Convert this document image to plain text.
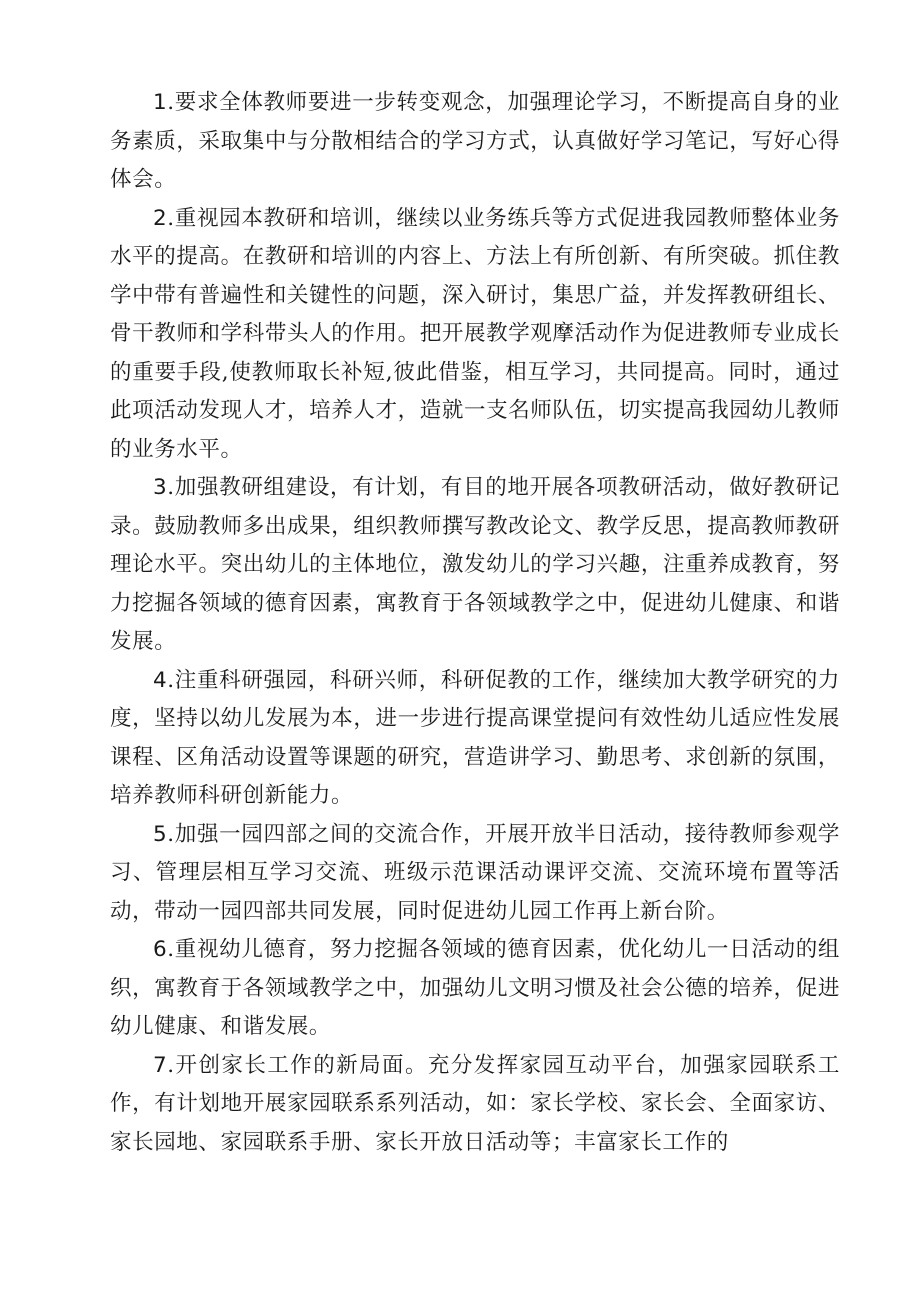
1.要求全体教师要进一步转变观念，加强理论学习，不断提高自身的业务素质，采取集中与分散相结合的学习方式，认真做好学习笔记，写好心得体会。

2.重视园本教研和培训，继续以业务练兵等方式促进我园教师整体业务水平的提高。在教研和培训的内容上、方法上有所创新、有所突破。抓住教学中带有普遍性和关键性的问题，深入研讨，集思广益，并发挥教研组长、骨干教师和学科带头人的作用。把开展教学观摩活动作为促进教师专业成长的重要手段,使教师取长补短,彼此借鉴，相互学习，共同提高。同时，通过此项活动发现人才，培养人才，造就一支名师队伍，切实提高我园幼儿教师的业务水平。

3.加强教研组建设，有计划，有目的地开展各项教研活动，做好教研记录。鼓励教师多出成果，组织教师撰写教改论文、教学反思，提高教师教研理论水平。突出幼儿的主体地位，激发幼儿的学习兴趣，注重养成教育，努力挖掘各领域的德育因素，寓教育于各领域教学之中，促进幼儿健康、和谐发展。

4.注重科研强园，科研兴师，科研促教的工作，继续加大教学研究的力度，坚持以幼儿发展为本，进一步进行提高课堂提问有效性幼儿适应性发展课程、区角活动设置等课题的研究，营造讲学习、勤思考、求创新的氛围，培养教师科研创新能力。

5.加强一园四部之间的交流合作，开展开放半日活动，接待教师参观学习、管理层相互学习交流、班级示范课活动课评交流、交流环境布置等活动，带动一园四部共同发展，同时促进幼儿园工作再上新台阶。

6.重视幼儿德育，努力挖掘各领域的德育因素，优化幼儿一日活动的组织，寓教育于各领域教学之中，加强幼儿文明习惯及社会公德的培养，促进幼儿健康、和谐发展。

7.开创家长工作的新局面。充分发挥家园互动平台，加强家园联系工作，有计划地开展家园联系系列活动，如：家长学校、家长会、全面家访、家长园地、家园联系手册、家长开放日活动等；丰富家长工作的
